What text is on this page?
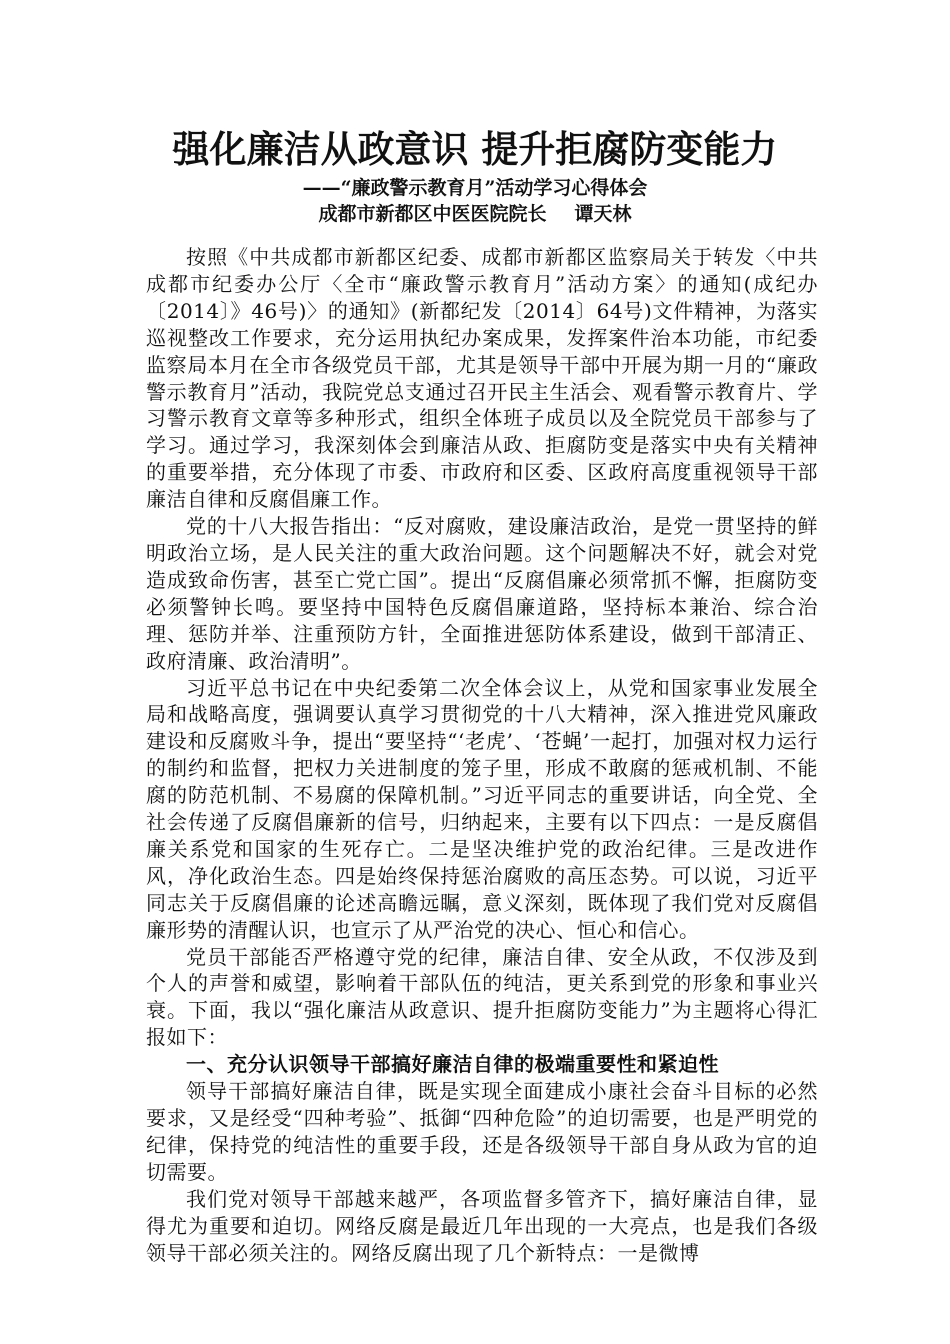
强化廉洁从政意识 提升拒腐防变能力
——“廉政警示教育月”活动学习心得体会
成都市新都区中医医院院长 谭天林

按照《中共成都市新都区纪委、成都市新都区监察局关于转发〈中共成都市纪委办公厅〈全市“廉政警示教育月”活动方案〉的通知(成纪办〔2014〕》46号)〉的通知》(新都纪发〔2014〕64号)文件精神，为落实巡视整改工作要求，充分运用执纪办案成果，发挥案件治本功能，市纪委监察局本月在全市各级党员干部，尤其是领导干部中开展为期一月的“廉政警示教育月”活动，我院党总支通过召开民主生活会、观看警示教育片、学习警示教育文章等多种形式，组织全体班子成员以及全院党员干部参与了学习。通过学习，我深刻体会到廉洁从政、拒腐防变是落实中央有关精神的重要举措，充分体现了市委、市政府和区委、区政府高度重视领导干部廉洁自律和反腐倡廉工作。

党的十八大报告指出：“反对腐败，建设廉洁政治，是党一贯坚持的鲜明政治立场，是人民关注的重大政治问题。这个问题解决不好，就会对党造成致命伤害，甚至亡党亡国”。提出“反腐倡廉必须常抓不懈，拒腐防变必须警钟长鸣。要坚持中国特色反腐倡廉道路，坚持标本兼治、综合治理、惩防并举、注重预防方针，全面推进惩防体系建设，做到干部清正、政府清廉、政治清明”。

习近平总书记在中央纪委第二次全体会议上，从党和国家事业发展全局和战略高度，强调要认真学习贯彻党的十八大精神，深入推进党风廉政建设和反腐败斗争，提出“要坚持“‘老虎’、‘苍蝇’一起打，加强对权力运行的制约和监督，把权力关进制度的笼子里，形成不敢腐的惩戒机制、不能腐的防范机制、不易腐的保障机制。”习近平同志的重要讲话，向全党、全社会传递了反腐倡廉新的信号，归纳起来，主要有以下四点：一是反腐倡廉关系党和国家的生死存亡。二是坚决维护党的政治纪律。三是改进作风，净化政治生态。四是始终保持惩治腐败的高压态势。可以说，习近平同志关于反腐倡廉的论述高瞻远瞩，意义深刻，既体现了我们党对反腐倡廉形势的清醒认识，也宣示了从严治党的决心、恒心和信心。

党员干部能否严格遵守党的纪律，廉洁自律、安全从政，不仅涉及到个人的声誉和威望，影响着干部队伍的纯洁，更关系到党的形象和事业兴衰。下面，我以“强化廉洁从政意识、提升拒腐防变能力”为主题将心得汇报如下：

一、充分认识领导干部搞好廉洁自律的极端重要性和紧迫性

领导干部搞好廉洁自律，既是实现全面建成小康社会奋斗目标的必然要求，又是经受“四种考验”、抵御“四种危险”的迫切需要，也是严明党的纪律，保持党的纯洁性的重要手段，还是各级领导干部自身从政为官的迫切需要。

我们党对领导干部越来越严，各项监督多管齐下，搞好廉洁自律，显得尤为重要和迫切。网络反腐是最近几年出现的一大亮点，也是我们各级领导干部必须关注的。网络反腐出现了几个新特点：一是微博
